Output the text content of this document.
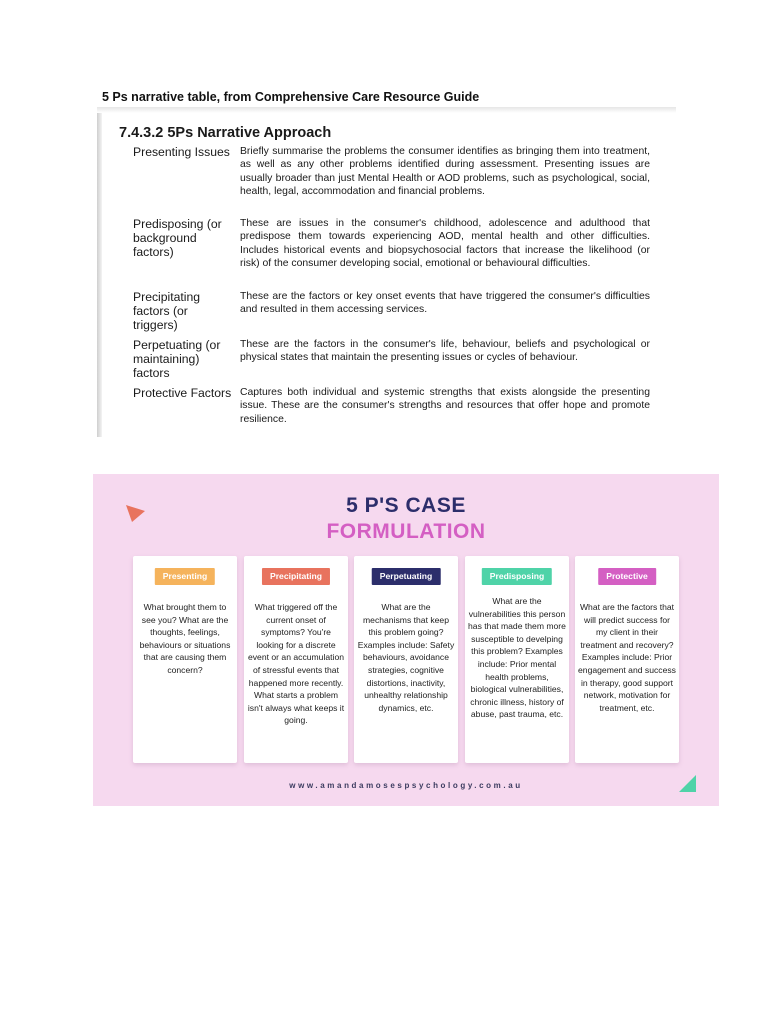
5 Ps narrative table, from Comprehensive Care Resource Guide
7.4.3.2 5Ps Narrative Approach
Presenting Issues Briefly summarise the problems the consumer identifies as bringing them into treatment, as well as any other problems identified during assessment. Presenting issues are usually broader than just Mental Health or AOD problems, such as psychological, social, health, legal, accommodation and financial problems.
Predisposing (or background factors)
These are issues in the consumer's childhood, adolescence and adulthood that predispose them towards experiencing AOD, mental health and other difficulties. Includes historical events and biopsychosocial factors that increase the likelihood (or risk) of the consumer developing social, emotional or behavioural difficulties.
Precipitating factors (or triggers)
These are the factors or key onset events that have triggered the consumer's difficulties and resulted in them accessing services.
Perpetuating (or maintaining) factors
These are the factors in the consumer's life, behaviour, beliefs and psychological or physical states that maintain the presenting issues or cycles of behaviour.
Protective Factors Captures both individual and systemic strengths that exists alongside the presenting issue. These are the consumer's strengths and resources that offer hope and promote resilience.
5 P'S CASE
FORMULATION
Presenting
What brought them to see you? What are the thoughts, feelings, behaviours or situations that are causing them concern?
Precipitating
What triggered off the current onset of symptoms? You're looking for a discrete event or an accumulation of stressful events that happened more recently. What starts a problem isn't always what keeps it going.
Perpetuating
What are the mechanisms that keep this problem going? Examples include: Safety behaviours, avoidance strategies, cognitive distortions, inactivity, unhealthy relationship dynamics, etc.
Predisposing
What are the vulnerabilities this person has that made them more susceptible to develping this problem? Examples include: Prior mental health problems, biological vulnerabilities, chronic illness, history of abuse, past trauma, etc.
Protective
What are the factors that will predict success for my client in their treatment and recovery? Examples include: Prior engagement and success in therapy, good support network, motivation for treatment, etc.
www.amandamosespsychology.com.au
